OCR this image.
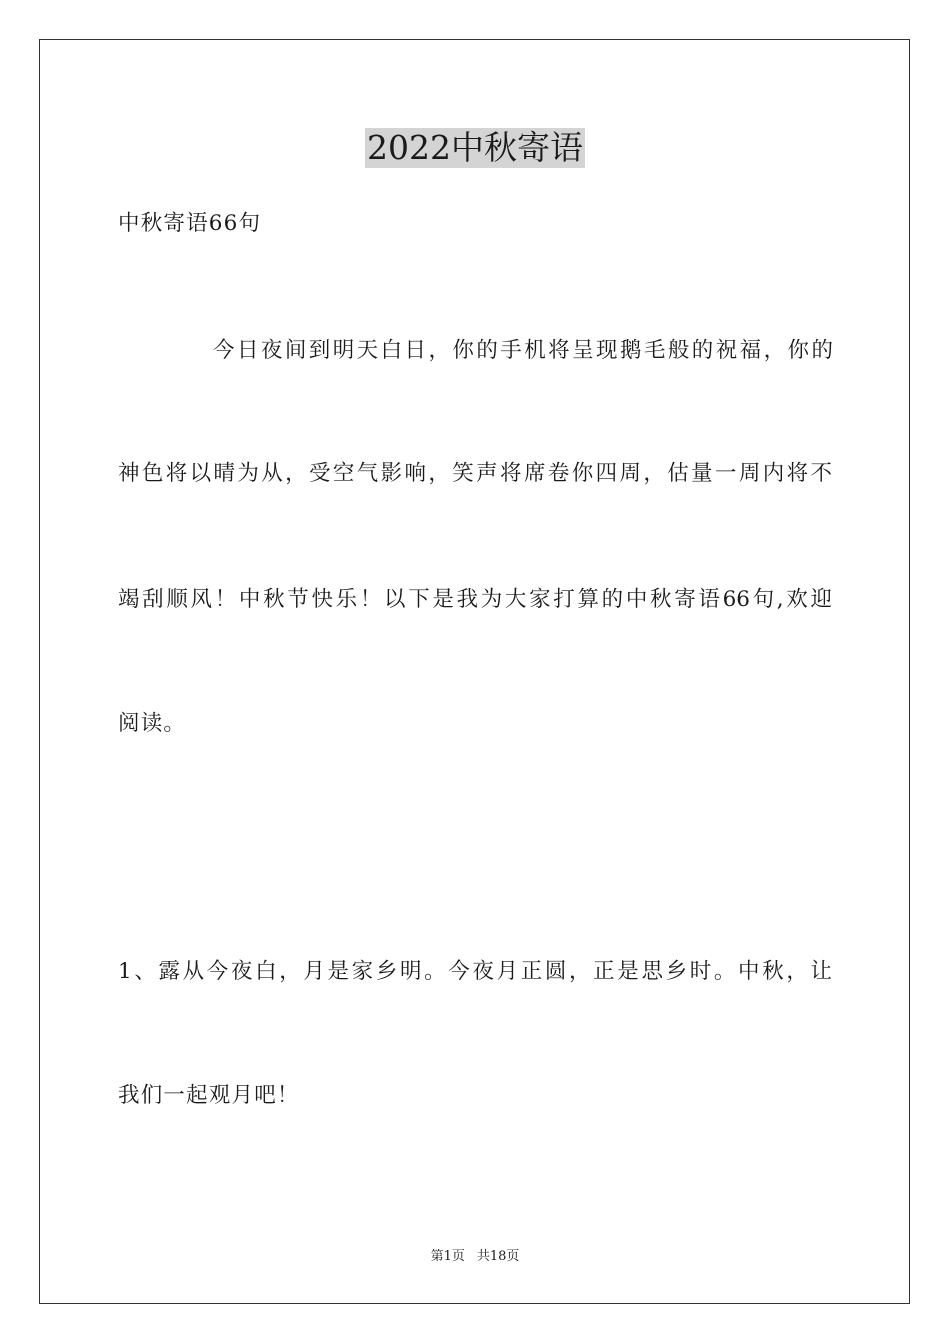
2022中秋寄语
中秋寄语66句
今日夜间到明天白日，你的手机将呈现鹅毛般的祝福，你的
神色将以晴为从，受空气影响，笑声将席卷你四周，估量一周内将不
竭刮顺风！中秋节快乐！以下是我为大家打算的中秋寄语66句,欢迎
阅读。
1、露从今夜白，月是家乡明。今夜月正圆，正是思乡时。中秋，让
我们一起观月吧！
第1页 共18页
